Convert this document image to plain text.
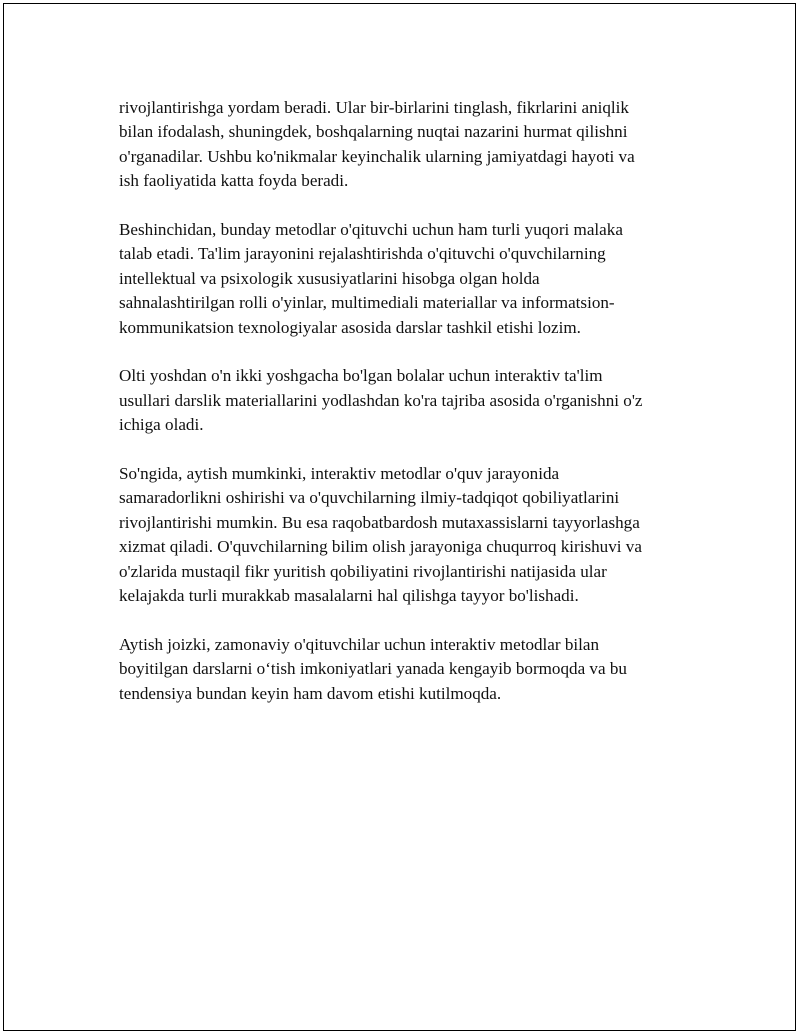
rivojlantirishga yordam beradi. Ular bir-birlarini tinglash, fikrlarini aniqlik
bilan ifodalash, shuningdek, boshqalarning nuqtai nazarini hurmat qilishni
o'rganadilar. Ushbu ko'nikmalar keyinchalik ularning jamiyatdagi hayoti va
ish faoliyatida katta foyda beradi.

Beshinchidan, bunday metodlar o'qituvchi uchun ham turli yuqori malaka
talab etadi. Ta'lim jarayonini rejalashtirishda o'qituvchi o'quvchilarning
intellektual va psixologik xususiyatlarini hisobga olgan holda
sahnalashtirilgan rolli o'yinlar, multimediali materiallar va informatsion-
kommunikatsion texnologiyalar asosida darslar tashkil etishi lozim.

Olti yoshdan o'n ikki yoshgacha bo'lgan bolalar uchun interaktiv ta'lim
usullari darslik materiallarini yodlashdan ko'ra tajriba asosida o'rganishni o'z
ichiga oladi.

So'ngida, aytish mumkinki, interaktiv metodlar o'quv jarayonida
samaradorlikni oshirishi va o'quvchilarning ilmiy-tadqiqot qobiliyatlarini
rivojlantirishi mumkin. Bu esa raqobatbardosh mutaxassislarni tayyorlashga
xizmat qiladi. O'quvchilarning bilim olish jarayoniga chuqurroq kirishuvi va
o'zlarida mustaqil fikr yuritish qobiliyatini rivojlantirishi natijasida ular
kelajakda turli murakkab masalalarni hal qilishga tayyor bo'lishadi.

Aytish joizki, zamonaviy o'qituvchilar uchun interaktiv metodlar bilan
boyitilgan darslarni o‘tish imkoniyatlari yanada kengayib bormoqda va bu
tendensiya bundan keyin ham davom etishi kutilmoqda.
